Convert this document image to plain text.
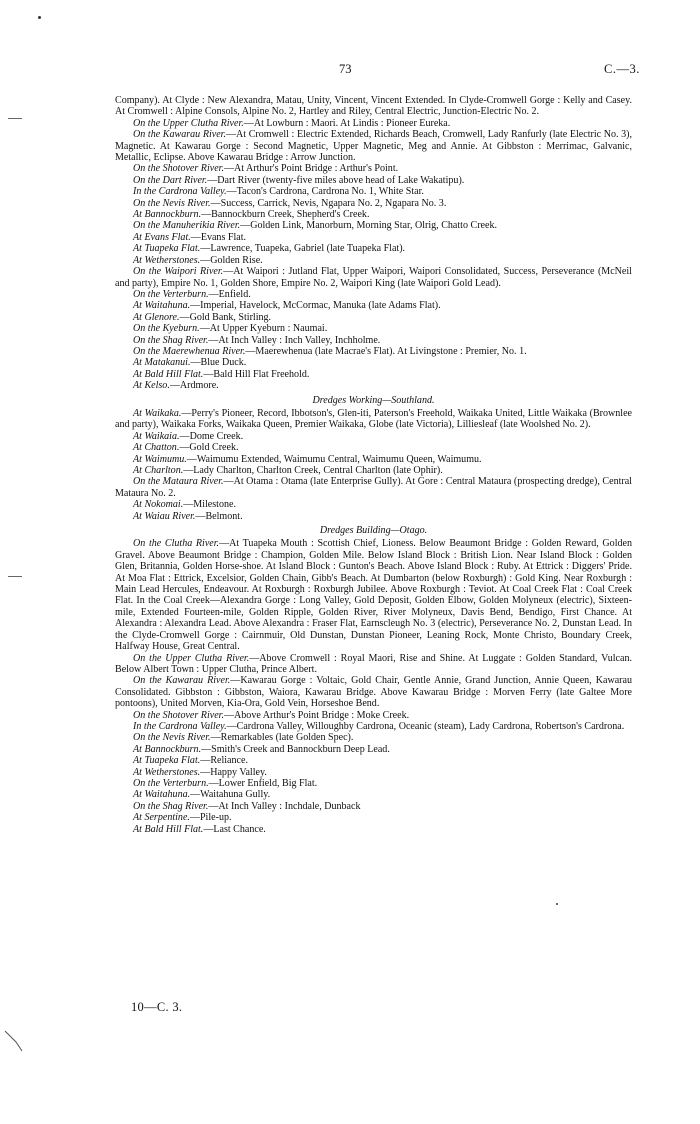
73	C.—3.

Company). At Clyde : New Alexandra, Matau, Unity, Vincent, Vincent Extended. In Clyde-Cromwell Gorge : Kelly and Casey. At Cromwell : Alpine Consols, Alpine No. 2, Hartley and Riley, Central Electric, Junction-Electric No. 2.

On the Upper Clutha River.—At Lowburn : Maori. At Lindis : Pioneer Eureka.

On the Kawarau River.—At Cromwell : Electric Extended, Richards Beach, Cromwell, Lady Ranfurly (late Electric No. 3), Magnetic. At Kawarau Gorge : Second Magnetic, Upper Magnetic, Meg and Annie. At Gibbston : Merrimac, Galvanic, Metallic, Eclipse. Above Kawarau Bridge : Arrow Junction.

On the Shotover River.—At Arthur's Point Bridge : Arthur's Point.

On the Dart River.—Dart River (twenty-five miles above head of Lake Wakatipu).

In the Cardrona Valley.—Tacon's Cardrona, Cardrona No. 1, White Star.

On the Nevis River.—Success, Carrick, Nevis, Ngapara No. 2, Ngapara No. 3.

At Bannockburn.—Bannockburn Creek, Shepherd's Creek.

On the Manuherikia River.—Golden Link, Manorburn, Morning Star, Olrig, Chatto Creek.

At Evans Flat.—Evans Flat.

At Tuapeka Flat.—Lawrence, Tuapeka, Gabriel (late Tuapeka Flat).

At Wetherstones.—Golden Rise.

On the Waipori River.—At Waipori : Jutland Flat, Upper Waipori, Waipori Consolidated, Success, Perseverance (McNeil and party), Empire No. 1, Golden Shore, Empire No. 2, Waipori King (late Waipori Gold Lead).

On the Verterburn.—Enfield.

At Waitahuna.—Imperial, Havelock, McCormac, Manuka (late Adams Flat).

At Glenore.—Gold Bank, Stirling.

On the Kyeburn.—At Upper Kyeburn : Naumai.

On the Shag River.—At Inch Valley : Inch Valley, Inchholme.

On the Maerewhenua River.—Maerewhenua (late Macrae's Flat). At Livingstone : Premier, No. 1.

At Matakanui.—Blue Duck.

At Bald Hill Flat.—Bald Hill Flat Freehold.

At Kelso.—Ardmore.

Dredges Working—Southland.

At Waikaka.—Perry's Pioneer, Record, Ibbotson's, Glen-iti, Paterson's Freehold, Waikaka United, Little Waikaka (Brownlee and party), Waikaka Forks, Waikaka Queen, Premier Waikaka, Globe (late Victoria), Lilliesleaf (late Woolshed No. 2).

At Waikaia.—Dome Creek.

At Chatton.—Gold Creek.

At Waimumu.—Waimumu Extended, Waimumu Central, Waimumu Queen, Waimumu.

At Charlton.—Lady Charlton, Charlton Creek, Central Charlton (late Ophir).

On the Mataura River.—At Otama : Otama (late Enterprise Gully). At Gore : Central Mataura (prospecting dredge), Central Mataura No. 2.

At Nokomai.—Milestone.

At Waiau River.—Belmont.

Dredges Building—Otago.

On the Clutha River.—At Tuapeka Mouth : Scottish Chief, Lioness. Below Beaumont Bridge : Golden Reward, Golden Gravel. Above Beaumont Bridge : Champion, Golden Mile. Below Island Block : British Lion. Near Island Block : Golden Glen, Britannia, Golden Horse-shoe. At Island Block : Gunton's Beach. Above Island Block : Ruby. At Ettrick : Diggers' Pride. At Moa Flat : Ettrick, Excelsior, Golden Chain, Gibb's Beach. At Dumbarton (below Roxburgh) : Gold King. Near Roxburgh : Main Lead Hercules, Endeavour. At Roxburgh : Roxburgh Jubilee. Above Roxburgh : Teviot. At Coal Creek Flat : Coal Creek Flat. In the Coal Creek—Alexandra Gorge : Long Valley, Gold Deposit, Golden Elbow, Golden Molyneux (electric), Sixteen-mile, Extended Fourteen-mile, Golden Ripple, Golden River, River Molyneux, Davis Bend, Bendigo, First Chance. At Alexandra : Alexandra Lead. Above Alexandra : Fraser Flat, Earnscleugh No. 3 (electric), Perseverance No. 2, Dunstan Lead. In the Clyde-Cromwell Gorge : Cairnmuir, Old Dunstan, Dunstan Pioneer, Leaning Rock, Monte Christo, Boundary Creek, Halfway House, Great Central.

On the Upper Clutha River.—Above Cromwell : Royal Maori, Rise and Shine. At Luggate : Golden Standard, Vulcan. Below Albert Town : Upper Clutha, Prince Albert.

On the Kawarau River.—Kawarau Gorge : Voltaic, Gold Chair, Gentle Annie, Grand Junction, Annie Queen, Kawarau Consolidated. Gibbston : Gibbston, Waiora, Kawarau Bridge. Above Kawarau Bridge : Morven Ferry (late Galtee More pontoons), United Morven, Kia-Ora, Gold Vein, Horseshoe Bend.

On the Shotover River.—Above Arthur's Point Bridge : Moke Creek.

In the Cardrona Valley.—Cardrona Valley, Willoughby Cardrona, Oceanic (steam), Lady Cardrona, Robertson's Cardrona.

On the Nevis River.—Remarkables (late Golden Spec).

At Bannockburn.—Smith's Creek and Bannockburn Deep Lead.

At Tuapeka Flat.—Reliance.

At Wetherstones.—Happy Valley.

On the Verterburn.—Lower Enfield, Big Flat.

At Waitahuna.—Waitahuna Gully.

On the Shag River.—At Inch Valley : Inchdale, Dunback

At Serpentine.—Pile-up.

At Bald Hill Flat.—Last Chance.

10—C. 3.
